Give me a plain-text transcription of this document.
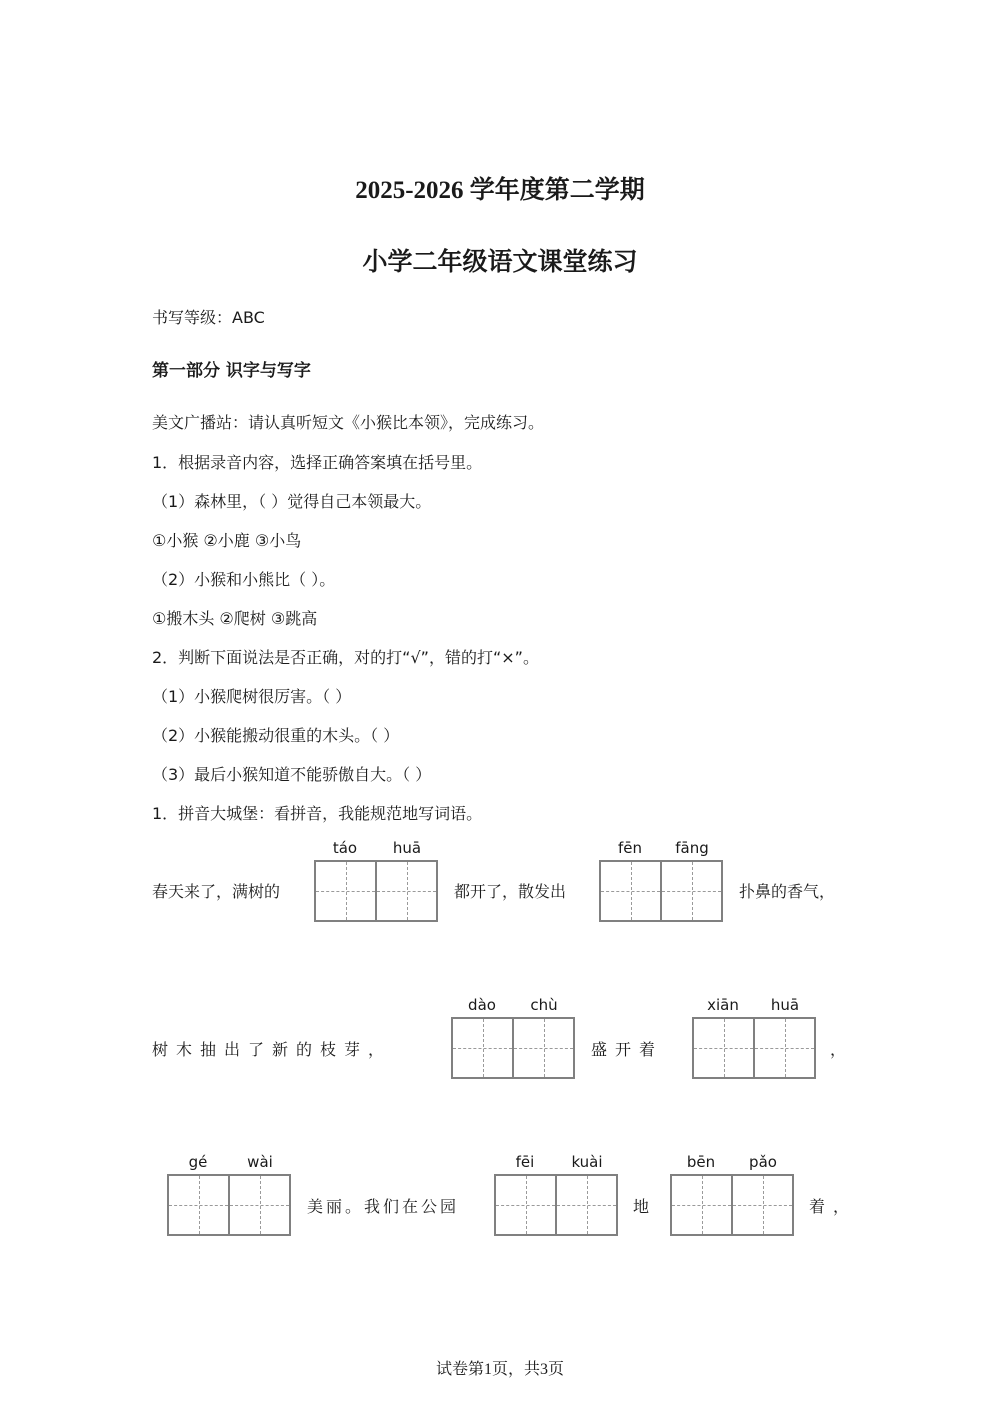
2025-2026 学年度第二学期
小学二年级语文课堂练习
书写等级：ABC
第一部分 识字与写字
美文广播站：请认真听短文《小猴比本领》，完成练习。
1．根据录音内容，选择正确答案填在括号里。
（1）森林里，（ ）觉得自己本领最大。
①小猴 ②小鹿 ③小鸟
（2）小猴和小熊比（ ）。
①搬木头 ②爬树 ③跳高
2．判断下面说法是否正确，对的打“√”，错的打“×”。
（1）小猴爬树很厉害。（ ）
（2）小猴能搬动很重的木头。（ ）
（3）最后小猴知道不能骄傲自大。（ ）
1．拼音大城堡：看拼音，我能规范地写词语。
春天来了，满树的
táo	huā
都开了，散发出
fēn	fāng
扑鼻的香气，
树木抽出了新的枝芽，
dào	chù
盛开着
xiān	huā
，
gé	wài
美丽。我们在公园
fēi	kuài
地
bēn	pǎo
着，
试卷第1页，共3页
